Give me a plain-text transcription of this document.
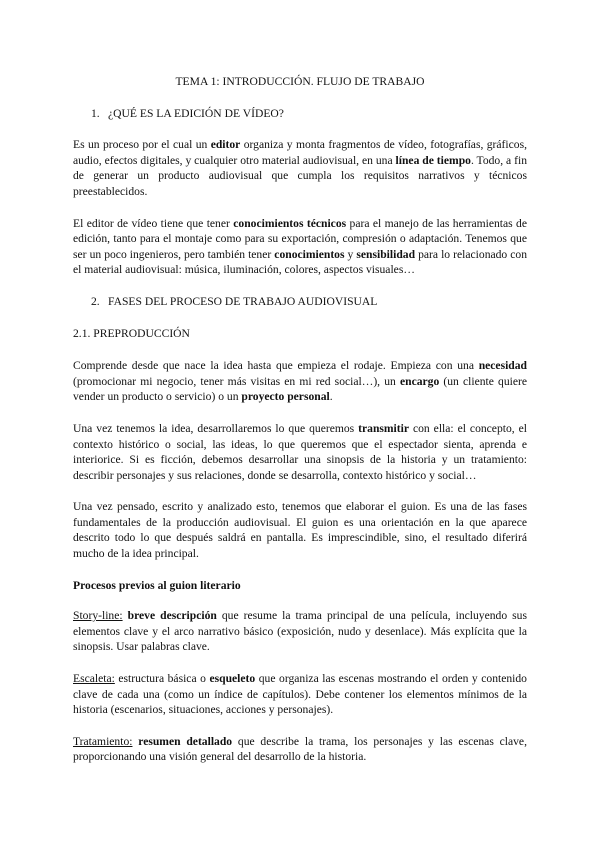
TEMA 1: INTRODUCCIÓN. FLUJO DE TRABAJO
1. ¿QUÉ ES LA EDICIÓN DE VÍDEO?

Es un proceso por el cual un editor organiza y monta fragmentos de vídeo, fotografías, gráficos, audio, efectos digitales, y cualquier otro material audiovisual, en una línea de tiempo. Todo, a fin de generar un producto audiovisual que cumpla los requisitos narrativos y técnicos preestablecidos.

El editor de vídeo tiene que tener conocimientos técnicos para el manejo de las herramientas de edición, tanto para el montaje como para su exportación, compresión o adaptación. Tenemos que ser un poco ingenieros, pero también tener conocimientos y sensibilidad para lo relacionado con el material audiovisual: música, iluminación, colores, aspectos visuales…

2. FASES DEL PROCESO DE TRABAJO AUDIOVISUAL
2.1. PREPRODUCCIÓN

Comprende desde que nace la idea hasta que empieza el rodaje. Empieza con una necesidad (promocionar mi negocio, tener más visitas en mi red social…), un encargo (un cliente quiere vender un producto o servicio) o un proyecto personal.

Una vez tenemos la idea, desarrollaremos lo que queremos transmitir con ella: el concepto, el contexto histórico o social, las ideas, lo que queremos que el espectador sienta, aprenda e interiorice. Si es ficción, debemos desarrollar una sinopsis de la historia y un tratamiento: describir personajes y sus relaciones, donde se desarrolla, contexto histórico y social…

Una vez pensado, escrito y analizado esto, tenemos que elaborar el guion. Es una de las fases fundamentales de la producción audiovisual. El guion es una orientación en la que aparece descrito todo lo que después saldrá en pantalla. Es imprescindible, sino, el resultado diferirá mucho de la idea principal.

Procesos previos al guion literario

Story-line: breve descripción que resume la trama principal de una película, incluyendo sus elementos clave y el arco narrativo básico (exposición, nudo y desenlace). Más explícita que la sinopsis. Usar palabras clave.

Escaleta: estructura básica o esqueleto que organiza las escenas mostrando el orden y contenido clave de cada una (como un índice de capítulos). Debe contener los elementos mínimos de la historia (escenarios, situaciones, acciones y personajes).

Tratamiento: resumen detallado que describe la trama, los personajes y las escenas clave, proporcionando una visión general del desarrollo de la historia.
